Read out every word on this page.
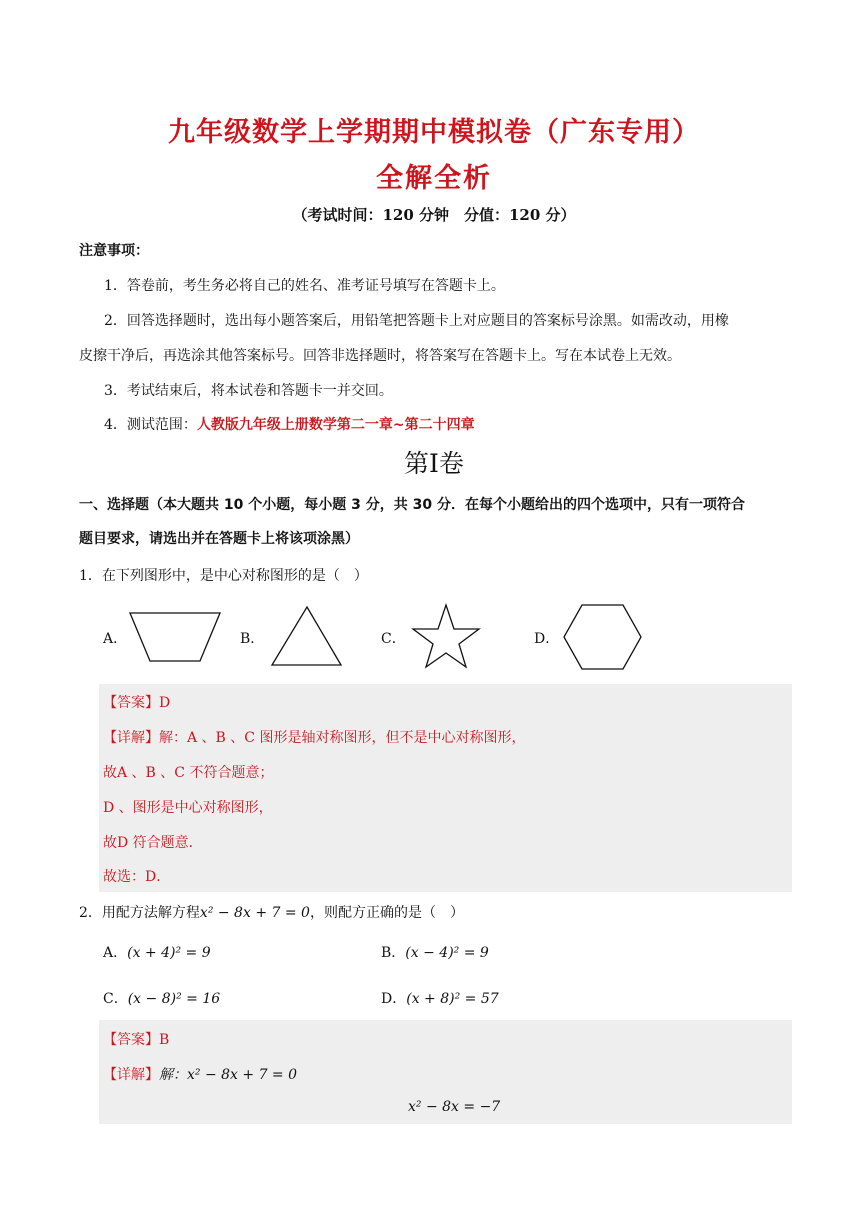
九年级数学上学期期中模拟卷（广东专用）
全解全析
（考试时间：120 分钟　分值：120 分）
注意事项：
1．答卷前，考生务必将自己的姓名、准考证号填写在答题卡上。
2．回答选择题时，选出每小题答案后，用铅笔把答题卡上对应题目的答案标号涂黑。如需改动，用橡
皮擦干净后，再选涂其他答案标号。回答非选择题时，将答案写在答题卡上。写在本试卷上无效。
3．考试结束后，将本试卷和答题卡一并交回。
4．测试范围：人教版九年级上册数学第二一章~第二十四章
第Ⅰ卷
一、选择题（本大题共 10 个小题，每小题 3 分，共 30 分．在每个小题给出的四个选项中，只有一项符合
题目要求，请选出并在答题卡上将该项涂黑）
1．在下列图形中，是中心对称图形的是（　）
A．	B．	C．	D．
【答案】D
【详解】解：A 、B 、C 图形是轴对称图形，但不是中心对称图形，
故A 、B 、C 不符合题意；
D 、图形是中心对称图形，
故D 符合题意．
故选：D．
2．用配方法解方程x² − 8x + 7 = 0，则配方正确的是（　）
A．(x + 4)² = 9	B．(x − 4)² = 9
C．(x − 8)² = 16	D．(x + 8)² = 57
【答案】B
【详解】解：x² − 8x + 7 = 0
x² − 8x = −7
